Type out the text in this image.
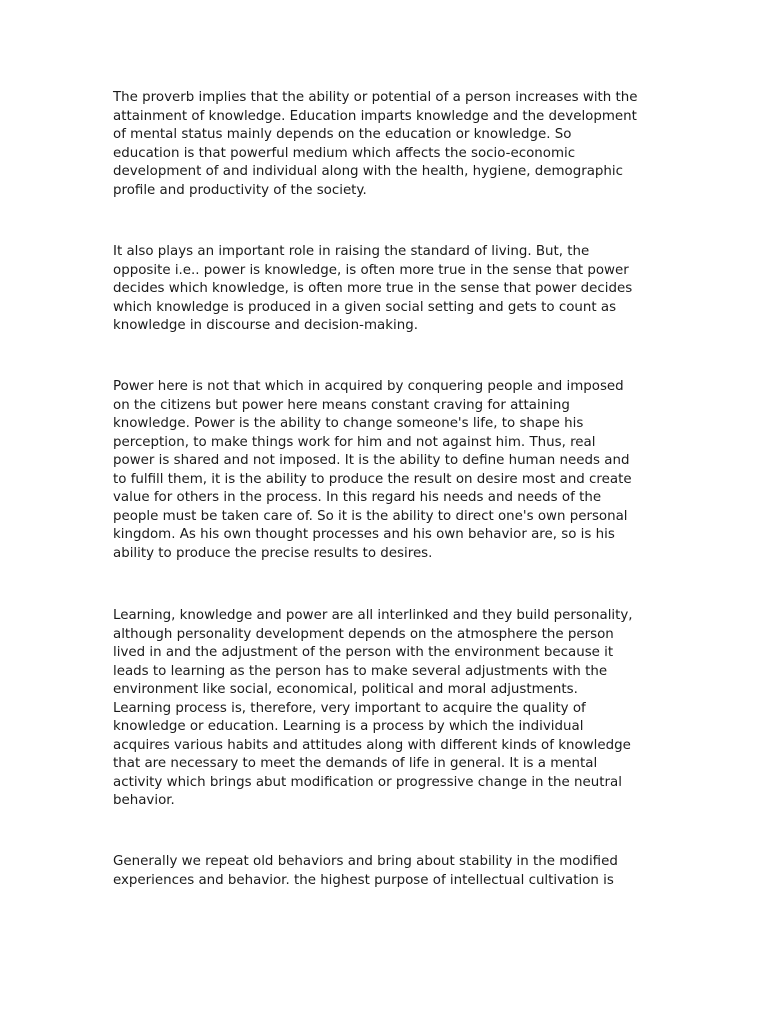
The proverb implies that the ability or potential of a person increases with the
attainment of knowledge. Education imparts knowledge and the development
of mental status mainly depends on the education or knowledge. So
education is that powerful medium which affects the socio-economic
development of and individual along with the health, hygiene, demographic
profile and productivity of the society.

It also plays an important role in raising the standard of living. But, the
opposite i.e.. power is knowledge, is often more true in the sense that power
decides which knowledge, is often more true in the sense that power decides
which knowledge is produced in a given social setting and gets to count as
knowledge in discourse and decision-making.

Power here is not that which in acquired by conquering people and imposed
on the citizens but power here means constant craving for attaining
knowledge. Power is the ability to change someone's life, to shape his
perception, to make things work for him and not against him. Thus, real
power is shared and not imposed. It is the ability to define human needs and
to fulfill them, it is the ability to produce the result on desire most and create
value for others in the process. In this regard his needs and needs of the
people must be taken care of. So it is the ability to direct one's own personal
kingdom. As his own thought processes and his own behavior are, so is his
ability to produce the precise results to desires.

Learning, knowledge and power are all interlinked and they build personality,
although personality development depends on the atmosphere the person
lived in and the adjustment of the person with the environment because it
leads to learning as the person has to make several adjustments with the
environment like social, economical, political and moral adjustments.
Learning process is, therefore, very important to acquire the quality of
knowledge or education. Learning is a process by which the individual
acquires various habits and attitudes along with different kinds of knowledge
that are necessary to meet the demands of life in general. It is a mental
activity which brings abut modification or progressive change in the neutral
behavior.

Generally we repeat old behaviors and bring about stability in the modified
experiences and behavior. the highest purpose of intellectual cultivation is
